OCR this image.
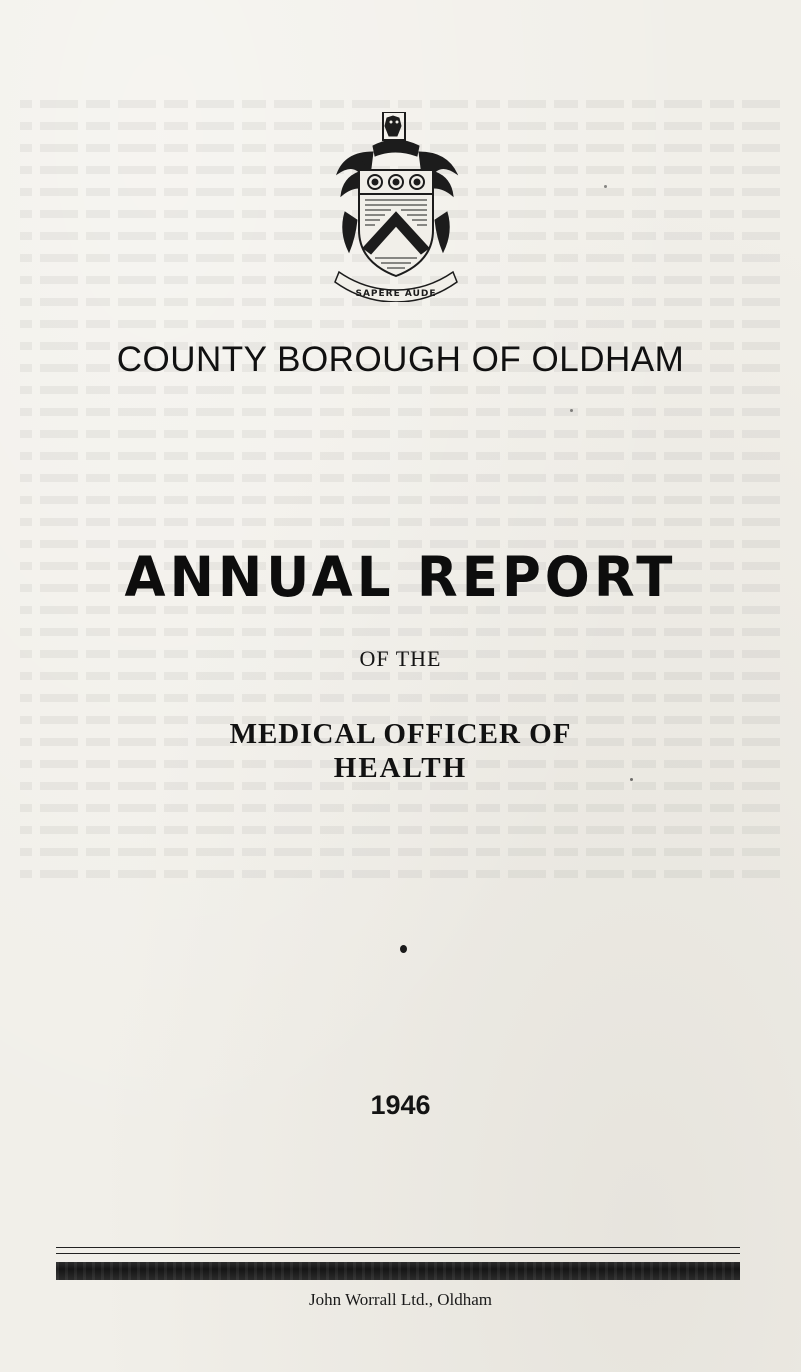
SAPERE AUDE
COUNTY BOROUGH OF OLDHAM
ANNUAL REPORT
OF THE
MEDICAL OFFICER OF
HEALTH
1946
John Worrall Ltd., Oldham
